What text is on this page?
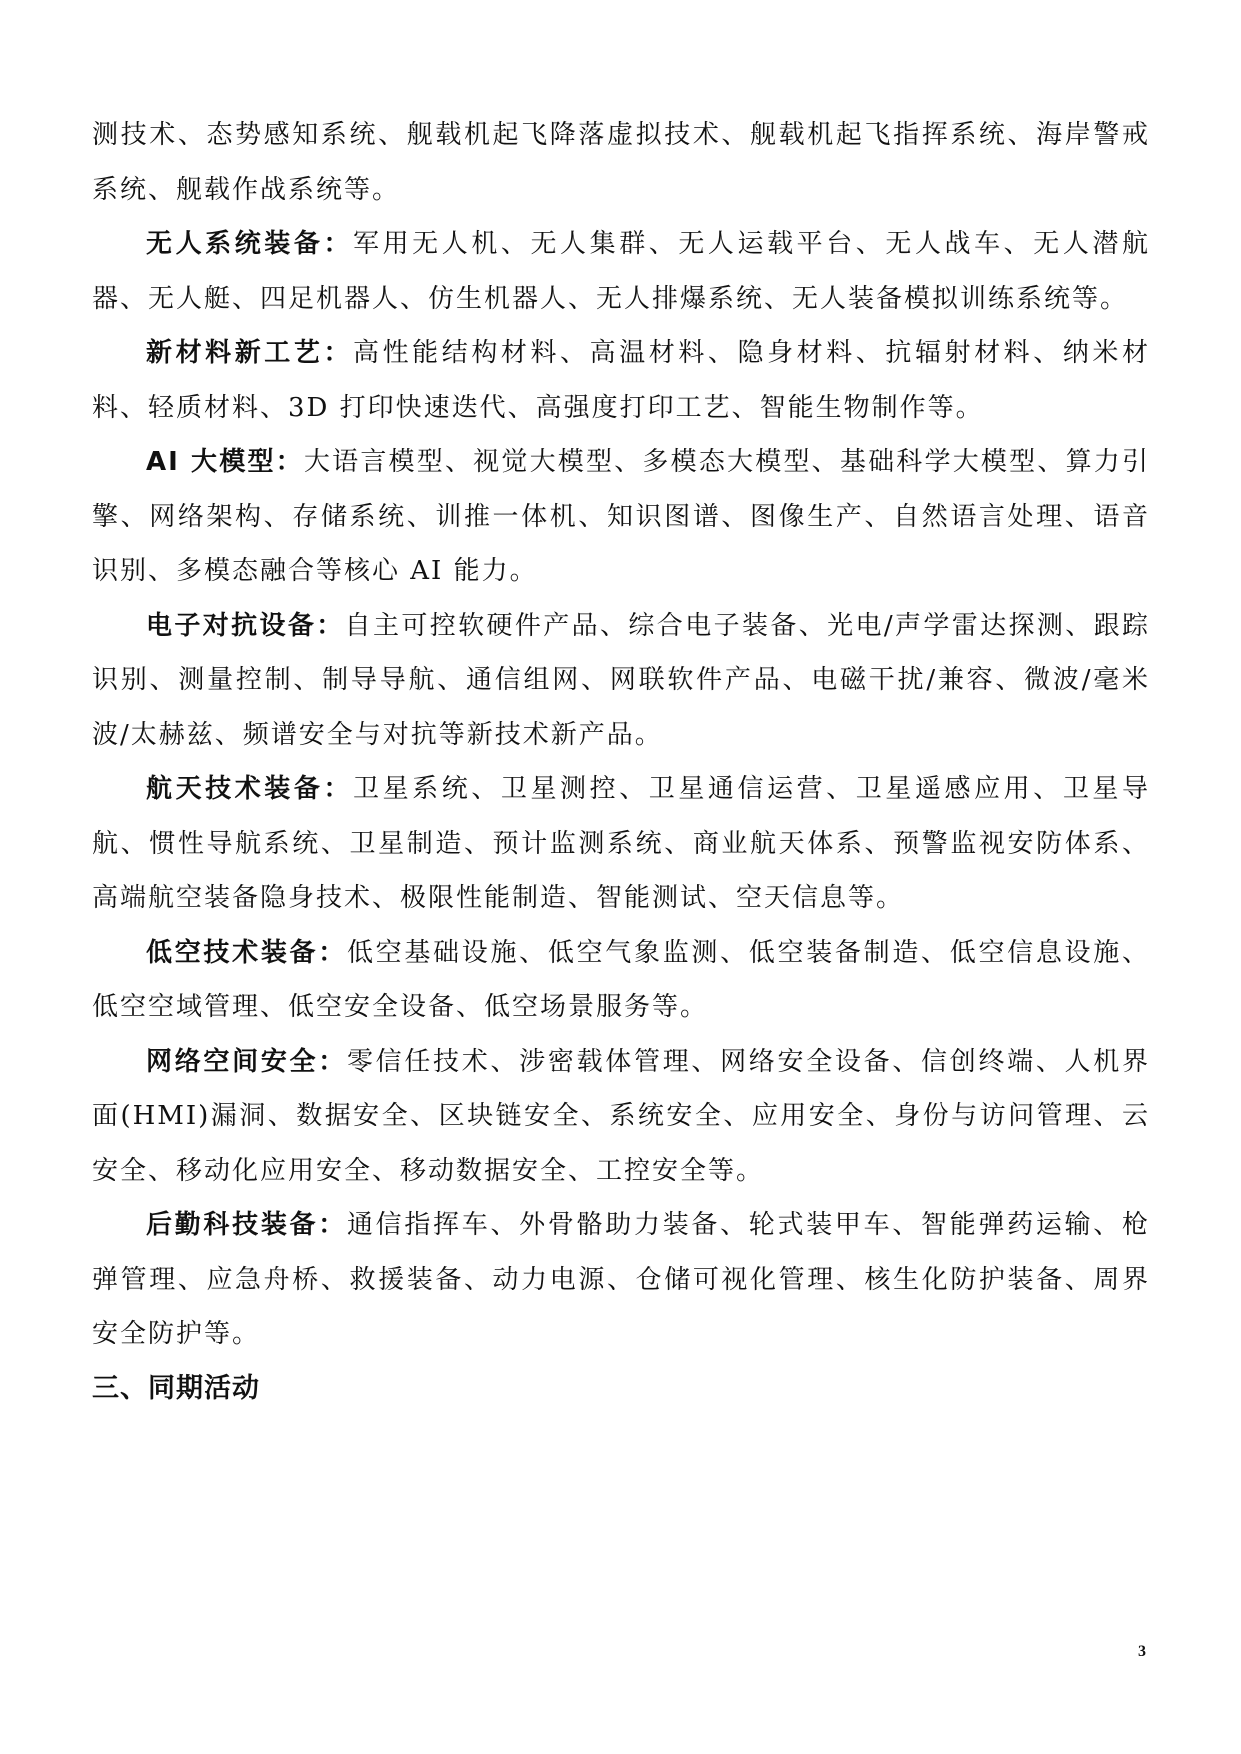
测技术、态势感知系统、舰载机起飞降落虚拟技术、舰载机起飞指挥系统、海岸警戒系统、舰载作战系统等。

无人系统装备：军用无人机、无人集群、无人运载平台、无人战车、无人潜航器、无人艇、四足机器人、仿生机器人、无人排爆系统、无人装备模拟训练系统等。

新材料新工艺：高性能结构材料、高温材料、隐身材料、抗辐射材料、纳米材料、轻质材料、3D 打印快速迭代、高强度打印工艺、智能生物制作等。

AI 大模型：大语言模型、视觉大模型、多模态大模型、基础科学大模型、算力引擎、网络架构、存储系统、训推一体机、知识图谱、图像生产、自然语言处理、语音识别、多模态融合等核心 AI 能力。

电子对抗设备：自主可控软硬件产品、综合电子装备、光电/声学雷达探测、跟踪识别、测量控制、制导导航、通信组网、网联软件产品、电磁干扰/兼容、微波/毫米波/太赫兹、频谱安全与对抗等新技术新产品。

航天技术装备：卫星系统、卫星测控、卫星通信运营、卫星遥感应用、卫星导航、惯性导航系统、卫星制造、预计监测系统、商业航天体系、预警监视安防体系、高端航空装备隐身技术、极限性能制造、智能测试、空天信息等。

低空技术装备：低空基础设施、低空气象监测、低空装备制造、低空信息设施、低空空域管理、低空安全设备、低空场景服务等。

网络空间安全：零信任技术、涉密载体管理、网络安全设备、信创终端、人机界面(HMI)漏洞、数据安全、区块链安全、系统安全、应用安全、身份与访问管理、云安全、移动化应用安全、移动数据安全、工控安全等。

后勤科技装备：通信指挥车、外骨骼助力装备、轮式装甲车、智能弹药运输、枪弹管理、应急舟桥、救援装备、动力电源、仓储可视化管理、核生化防护装备、周界安全防护等。

三、同期活动
3
